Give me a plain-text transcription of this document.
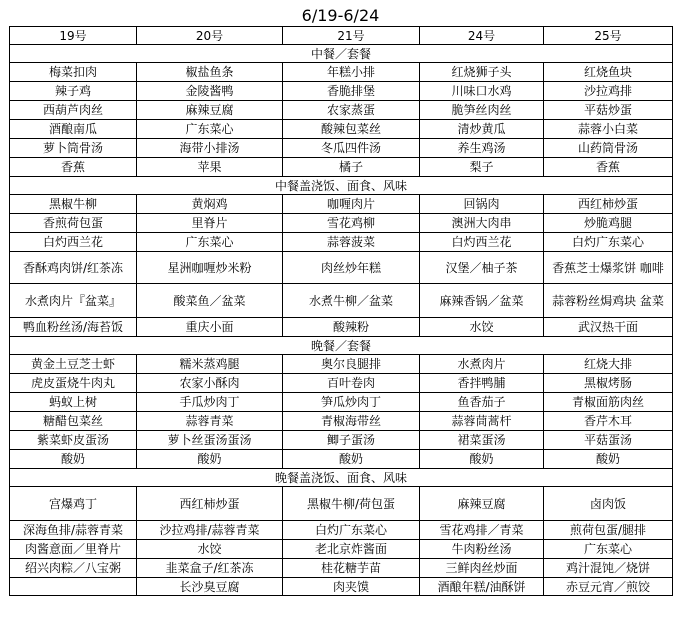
6/19-6/24
19号	20号	21号	24号	25号
中餐／套餐				
梅菜扣肉	椒盐鱼条	年糕小排	红烧狮子头	红烧鱼块
辣子鸡	金陵酱鸭	香脆排堡	川味口水鸡	沙拉鸡排
西葫芦肉丝	麻辣豆腐	农家蒸蛋	脆笋丝肉丝	平菇炒蛋
酒酿南瓜	广东菜心	酸辣包菜丝	清炒黄瓜	蒜蓉小白菜
萝卜筒骨汤	海带小排汤	冬瓜四件汤	养生鸡汤	山药筒骨汤
香蕉	苹果	橘子	梨子	香蕉
中餐盖浇饭、面食、风味				
黑椒牛柳	黄焖鸡	咖喱肉片	回锅肉	西红柿炒蛋
香煎荷包蛋	里脊片	雪花鸡柳	澳洲大肉串	炒脆鸡腿
白灼西兰花	广东菜心	蒜蓉菠菜	白灼西兰花	白灼广东菜心
香酥鸡肉饼/红茶冻	星洲咖喱炒米粉	肉丝炒年糕	汉堡／柚子茶	香蕉芝士爆浆饼 咖啡
水煮肉片『盆菜』	酸菜鱼／盆菜	水煮牛柳／盆菜	麻辣香锅／盆菜	蒜蓉粉丝焗鸡块 盆菜
鸭血粉丝汤/海苔饭	重庆小面	酸辣粉	水饺	武汉热干面
晚餐／套餐				
黄金土豆芝士虾	糯米蒸鸡腿	奥尔良腿排	水煮肉片	红烧大排
虎皮蛋烧牛肉丸	农家小酥肉	百叶卷肉	香拌鸭脯	黑椒烤肠
蚂蚁上树	手瓜炒肉丁	笋瓜炒肉丁	鱼香茄子	青椒面筋肉丝
糖醋包菜丝	蒜蓉青菜	青椒海带丝	蒜蓉茼蒿杆	香芹木耳
紫菜虾皮蛋汤	萝卜丝蛋汤蛋汤	鲫子蛋汤	裙菜蛋汤	平菇蛋汤
酸奶	酸奶	酸奶	酸奶	酸奶
晚餐盖浇饭、面食、风味				
宫爆鸡丁	西红柿炒蛋	黑椒牛柳/荷包蛋	麻辣豆腐	卤肉饭
深海鱼排/蒜蓉青菜	沙拉鸡排/蒜蓉青菜	白灼广东菜心	雪花鸡排／青菜	煎荷包蛋/腿排
肉酱意面／里脊片	水饺	老北京炸酱面	牛肉粉丝汤	广东菜心
绍兴肉粽／八宝粥	韭菜盒子/红茶冻	桂花糖芋苗	三鲜肉丝炒面	鸡汁混饨／烧饼
	长沙臭豆腐	肉夹馍	酒酿年糕/油酥饼	赤豆元宵／煎饺
